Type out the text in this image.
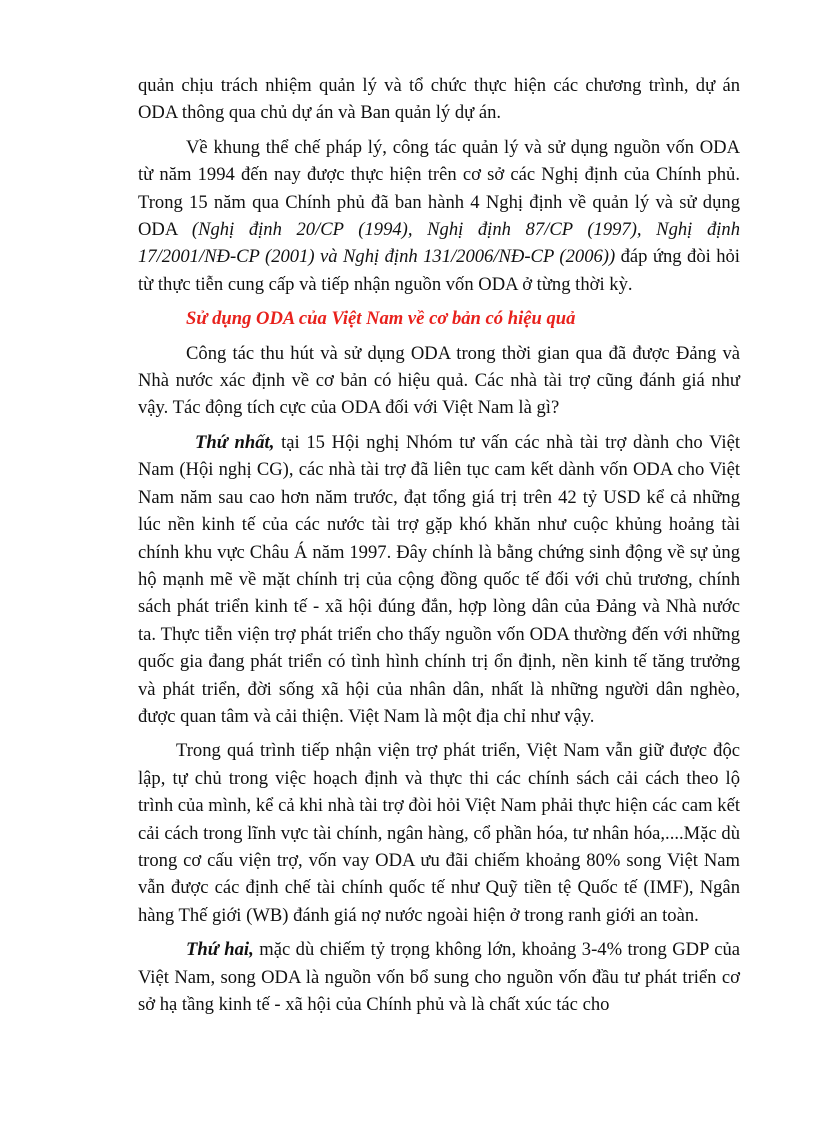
quản chịu trách nhiệm quản lý và tổ chức thực hiện các chương trình, dự án ODA thông qua chủ dự án và Ban quản lý dự án.

Về khung thể chế pháp lý, công tác quản lý và sử dụng nguồn vốn ODA từ năm 1994 đến nay được thực hiện trên cơ sở các Nghị định của Chính phủ. Trong 15 năm qua Chính phủ đã ban hành 4 Nghị định về quản lý và sử dụng ODA (Nghị định 20/CP (1994), Nghị định 87/CP (1997), Nghị định 17/2001/NĐ-CP (2001) và Nghị định 131/2006/NĐ-CP (2006)) đáp ứng đòi hỏi từ thực tiễn cung cấp và tiếp nhận nguồn vốn ODA ở từng thời kỳ.

Sử dụng ODA của Việt Nam về cơ bản có hiệu quả

Công tác thu hút và sử dụng ODA trong thời gian qua đã được Đảng và Nhà nước xác định về cơ bản có hiệu quả. Các nhà tài trợ cũng đánh giá như vậy. Tác động tích cực của ODA đối với Việt Nam là gì?

Thứ nhất, tại 15 Hội nghị Nhóm tư vấn các nhà tài trợ dành cho Việt Nam (Hội nghị CG), các nhà tài trợ đã liên tục cam kết dành vốn ODA cho Việt Nam năm sau cao hơn năm trước, đạt tổng giá trị trên 42 tỷ USD kể cả những lúc nền kinh tế của các nước tài trợ gặp khó khăn như cuộc khủng hoảng tài chính khu vực Châu Á năm 1997. Đây chính là bằng chứng sinh động về sự ủng hộ mạnh mẽ về mặt chính trị của cộng đồng quốc tế đối với chủ trương, chính sách phát triển kinh tế - xã hội đúng đắn, hợp lòng dân của Đảng và Nhà nước ta. Thực tiễn viện trợ phát triển cho thấy nguồn vốn ODA thường đến với những quốc gia đang phát triển có tình hình chính trị ổn định, nền kinh tế tăng trưởng và phát triển, đời sống xã hội của nhân dân, nhất là những người dân nghèo, được quan tâm và cải thiện. Việt Nam là một địa chỉ như vậy.

Trong quá trình tiếp nhận viện trợ phát triển, Việt Nam vẫn giữ được độc lập, tự chủ trong việc hoạch định và thực thi các chính sách cải cách theo lộ trình của mình, kể cả khi nhà tài trợ đòi hỏi Việt Nam phải thực hiện các cam kết cải cách trong lĩnh vực tài chính, ngân hàng, cổ phần hóa, tư nhân hóa,....Mặc dù trong cơ cấu viện trợ, vốn vay ODA ưu đãi chiếm khoảng 80% song Việt Nam vẫn được các định chế tài chính quốc tế như Quỹ tiền tệ Quốc tế (IMF), Ngân hàng Thế giới (WB) đánh giá nợ nước ngoài hiện ở trong ranh giới an toàn.

Thứ hai, mặc dù chiếm tỷ trọng không lớn, khoảng 3-4% trong GDP của Việt Nam, song ODA là nguồn vốn bổ sung cho nguồn vốn đầu tư phát triển cơ sở hạ tầng kinh tế - xã hội của Chính phủ và là chất xúc tác cho
